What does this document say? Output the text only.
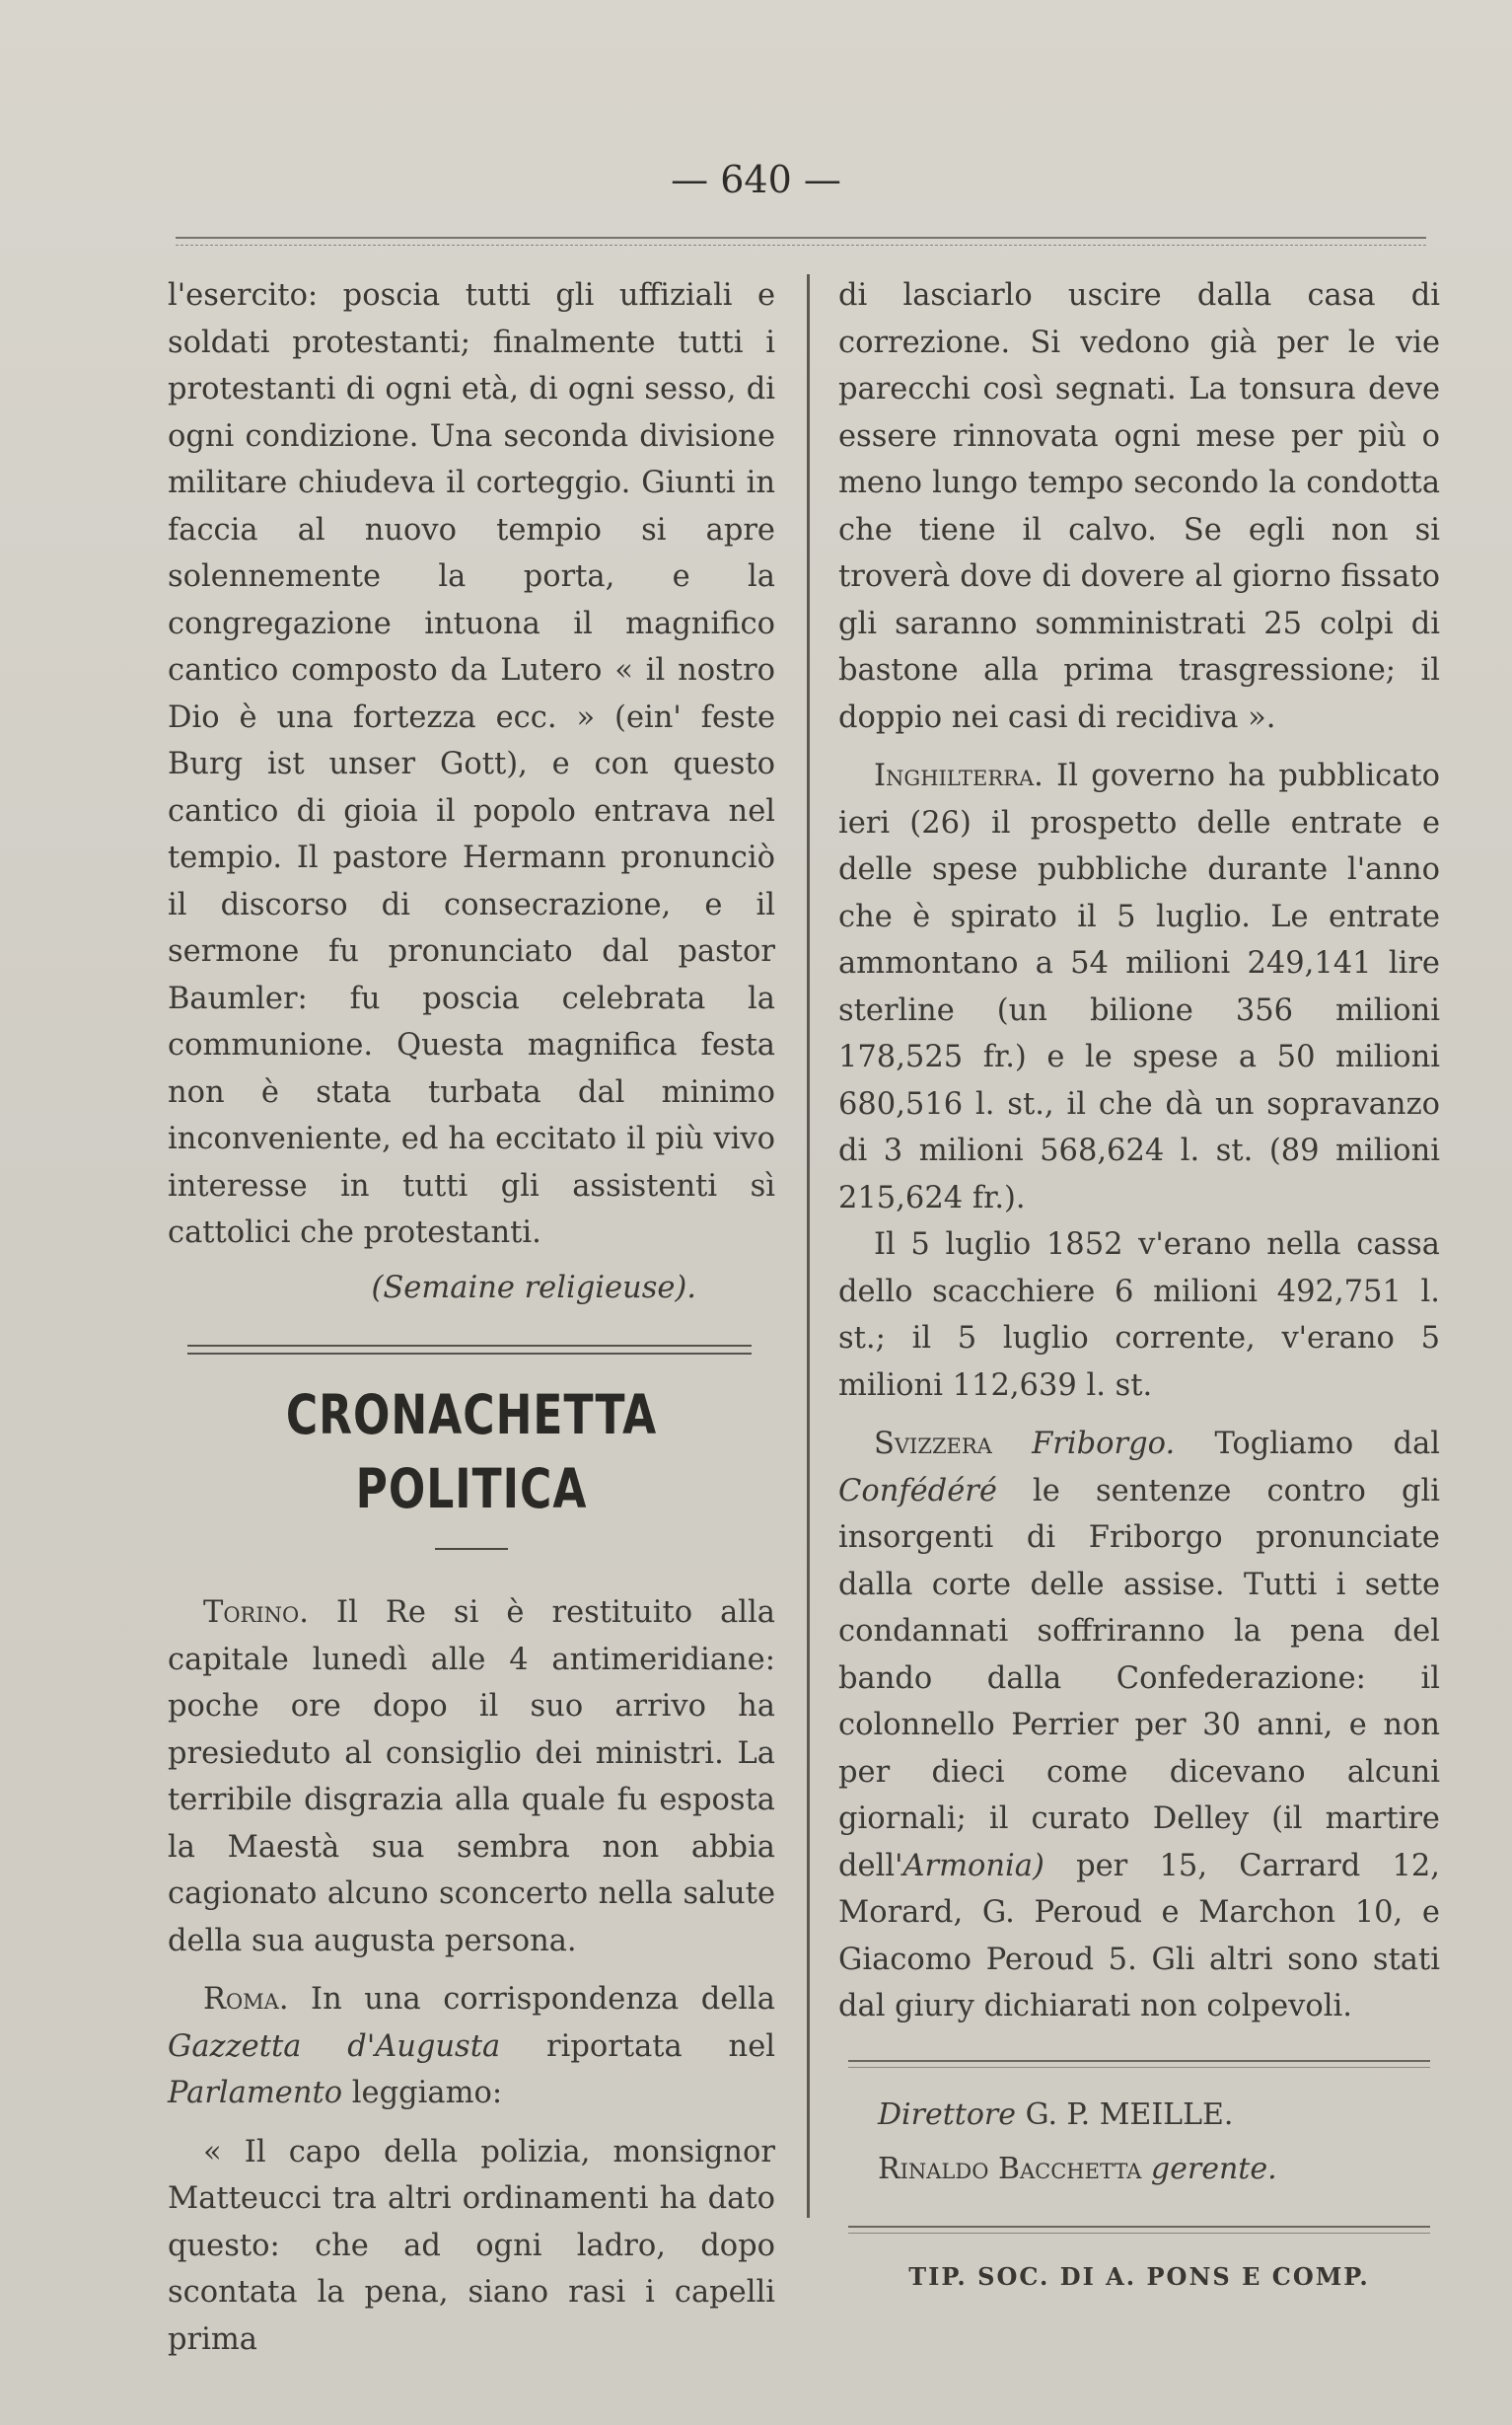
— 640 —

l'esercito: poscia tutti gli uffiziali e soldati protestanti; finalmente tutti i protestanti di ogni età, di ogni sesso, di ogni condizione. Una seconda divisione militare chiudeva il corteggio. Giunti in faccia al nuovo tempio si apre solennemente la porta, e la congregazione intuona il magnifico cantico composto da Lutero « il nostro Dio è una fortezza ecc. » (ein' feste Burg ist unser Gott), e con questo cantico di gioia il popolo entrava nel tempio. Il pastore Hermann pronunciò il discorso di consecrazione, e il sermone fu pronunciato dal pastor Baumler: fu poscia celebrata la communione. Questa magnifica festa non è stata turbata dal minimo inconveniente, ed ha eccitato il più vivo interesse in tutti gli assistenti sì cattolici che protestanti.

(Semaine religieuse).

CRONACHETTA POLITICA

Torino. Il Re si è restituito alla capitale lunedì alle 4 antimeridiane: poche ore dopo il suo arrivo ha presieduto al consiglio dei ministri. La terribile disgrazia alla quale fu esposta la Maestà sua sembra non abbia cagionato alcuno sconcerto nella salute della sua augusta persona.

Roma. In una corrispondenza della Gazzetta d'Augusta riportata nel Parlamento leggiamo:

« Il capo della polizia, monsignor Matteucci tra altri ordinamenti ha dato questo: che ad ogni ladro, dopo scontata la pena, siano rasi i capelli prima

di lasciarlo uscire dalla casa di correzione. Si vedono già per le vie parecchi così segnati. La tonsura deve essere rinnovata ogni mese per più o meno lungo tempo secondo la condotta che tiene il calvo. Se egli non si troverà dove di dovere al giorno fissato gli saranno somministrati 25 colpi di bastone alla prima trasgressione; il doppio nei casi di recidiva ».

Inghilterra. Il governo ha pubblicato ieri (26) il prospetto delle entrate e delle spese pubbliche durante l'anno che è spirato il 5 luglio. Le entrate ammontano a 54 milioni 249,141 lire sterline (un bilione 356 milioni 178,525 fr.) e le spese a 50 milioni 680,516 l. st., il che dà un sopravanzo di 3 milioni 568,624 l. st. (89 milioni 215,624 fr.).

Il 5 luglio 1852 v'erano nella cassa dello scacchiere 6 milioni 492,751 l. st.; il 5 luglio corrente, v'erano 5 milioni 112,639 l. st.

Svizzera Friborgo. Togliamo dal Confédéré le sentenze contro gli insorgenti di Friborgo pronunciate dalla corte delle assise. Tutti i sette condannati soffriranno la pena del bando dalla Confederazione: il colonnello Perrier per 30 anni, e non per dieci come dicevano alcuni giornali; il curato Delley (il martire dell'Armonia) per 15, Carrard 12, Morard, G. Peroud e Marchon 10, e Giacomo Peroud 5. Gli altri sono stati dal giury dichiarati non colpevoli.

Direttore G. P. MEILLE.

Rinaldo Bacchetta gerente.

TIP. SOC. DI A. PONS E COMP.
